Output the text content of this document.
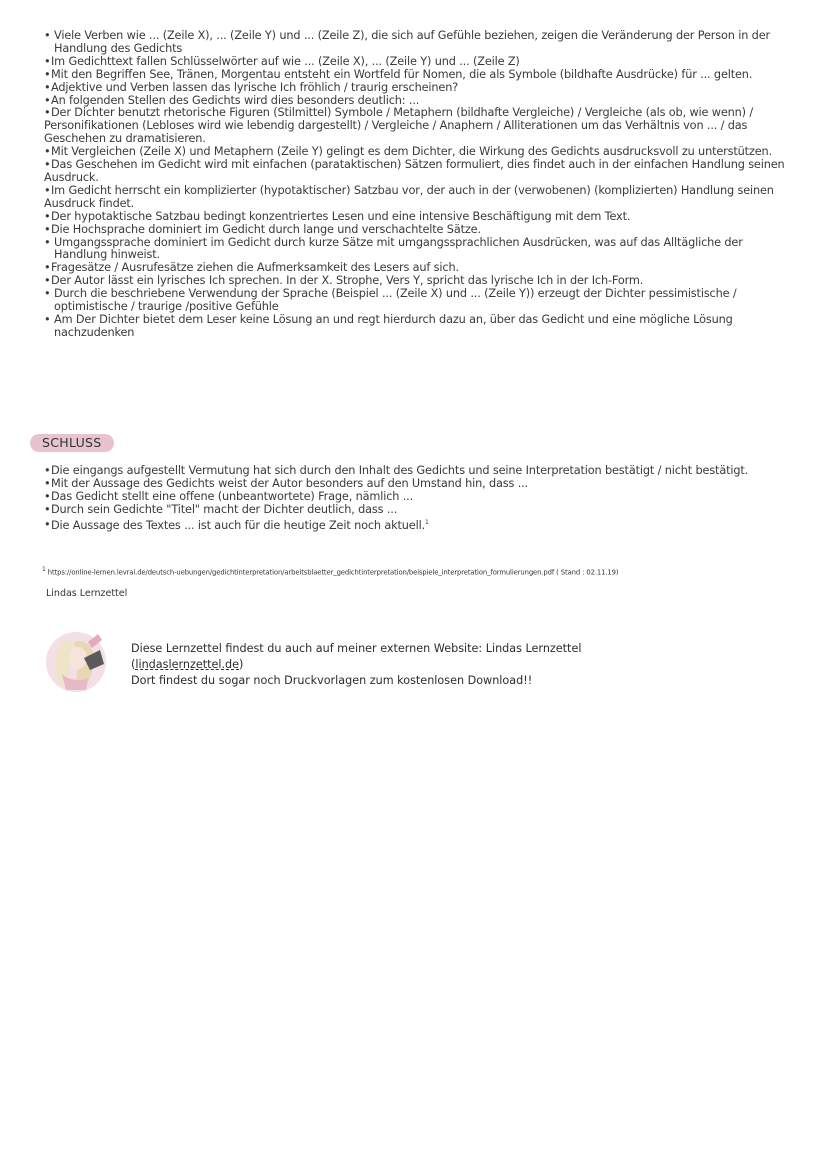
• Viele Verben wie ... (Zeile X), ... (Zeile Y) und ... (Zeile Z), die sich auf Gefühle beziehen, zeigen die Veränderung der Person in der Handlung des Gedichts
•Im Gedichttext fallen Schlüsselwörter auf wie ... (Zeile X), ... (Zeile Y) und ... (Zeile Z)
•Mit den Begriffen See, Tränen, Morgentau entsteht ein Wortfeld für Nomen, die als Symbole (bildhafte Ausdrücke) für ... gelten.
•Adjektive und Verben lassen das lyrische Ich fröhlich / traurig erscheinen?
•An folgenden Stellen des Gedichts wird dies besonders deutlich: ...
•Der Dichter benutzt rhetorische Figuren (Stilmittel) Symbole / Metaphern (bildhafte Vergleiche) / Vergleiche (als ob, wie wenn) / Personifikationen (Lebloses wird wie lebendig dargestellt) / Vergleiche / Anaphern / Alliterationen um das Verhältnis von ... / das Geschehen zu dramatisieren.
•Mit Vergleichen (Zeile X) und Metaphern (Zeile Y) gelingt es dem Dichter, die Wirkung des Gedichts ausdrucksvoll zu unterstützen.
•Das Geschehen im Gedicht wird mit einfachen (parataktischen) Sätzen formuliert, dies findet auch in der einfachen Handlung seinen Ausdruck.
•Im Gedicht herrscht ein komplizierter (hypotaktischer) Satzbau vor, der auch in der (verwobenen) (komplizierten) Handlung seinen Ausdruck findet.
•Der hypotaktische Satzbau bedingt konzentriertes Lesen und eine intensive Beschäftigung mit dem Text.
•Die Hochsprache dominiert im Gedicht durch lange und verschachtelte Sätze.
• Umgangssprache dominiert im Gedicht durch kurze Sätze mit umgangssprachlichen Ausdrücken, was auf das Alltägliche der Handlung hinweist.
•Fragesätze / Ausrufesätze ziehen die Aufmerksamkeit des Lesers auf sich.
•Der Autor lässt ein lyrisches Ich sprechen. In der X. Strophe, Vers Y, spricht das lyrische Ich in der Ich-Form.
• Durch die beschriebene Verwendung der Sprache (Beispiel ... (Zeile X) und ... (Zeile Y)) erzeugt der Dichter pessimistische / optimistische / traurige /positive Gefühle
• Am Der Dichter bietet dem Leser keine Lösung an und regt hierdurch dazu an, über das Gedicht und eine mögliche Lösung nachzudenken
SCHLUSS
•Die eingangs aufgestellt Vermutung hat sich durch den Inhalt des Gedichts und seine Interpretation bestätigt / nicht bestätigt.
•Mit der Aussage des Gedichts weist der Autor besonders auf den Umstand hin, dass ...
•Das Gedicht stellt eine offene (unbeantwortete) Frage, nämlich ...
•Durch sein Gedichte "Titel" macht der Dichter deutlich, dass ...
•Die Aussage des Textes ... ist auch für die heutige Zeit noch aktuell.$^1$
$^1$ https://online-lernen.levrai.de/deutsch-uebungen/gedichtinterpretation/arbeitsblaetter_gedichtinterpretation/beispiele_interpretation_formulierungen.pdf ( Stand : 02.11.19)
Lindas Lernzettel
Diese Lernzettel findest du auch auf meiner externen Website: Lindas Lernzettel
(lindaslernzettel.de)
Dort findest du sogar noch Druckvorlagen zum kostenlosen Download!!
